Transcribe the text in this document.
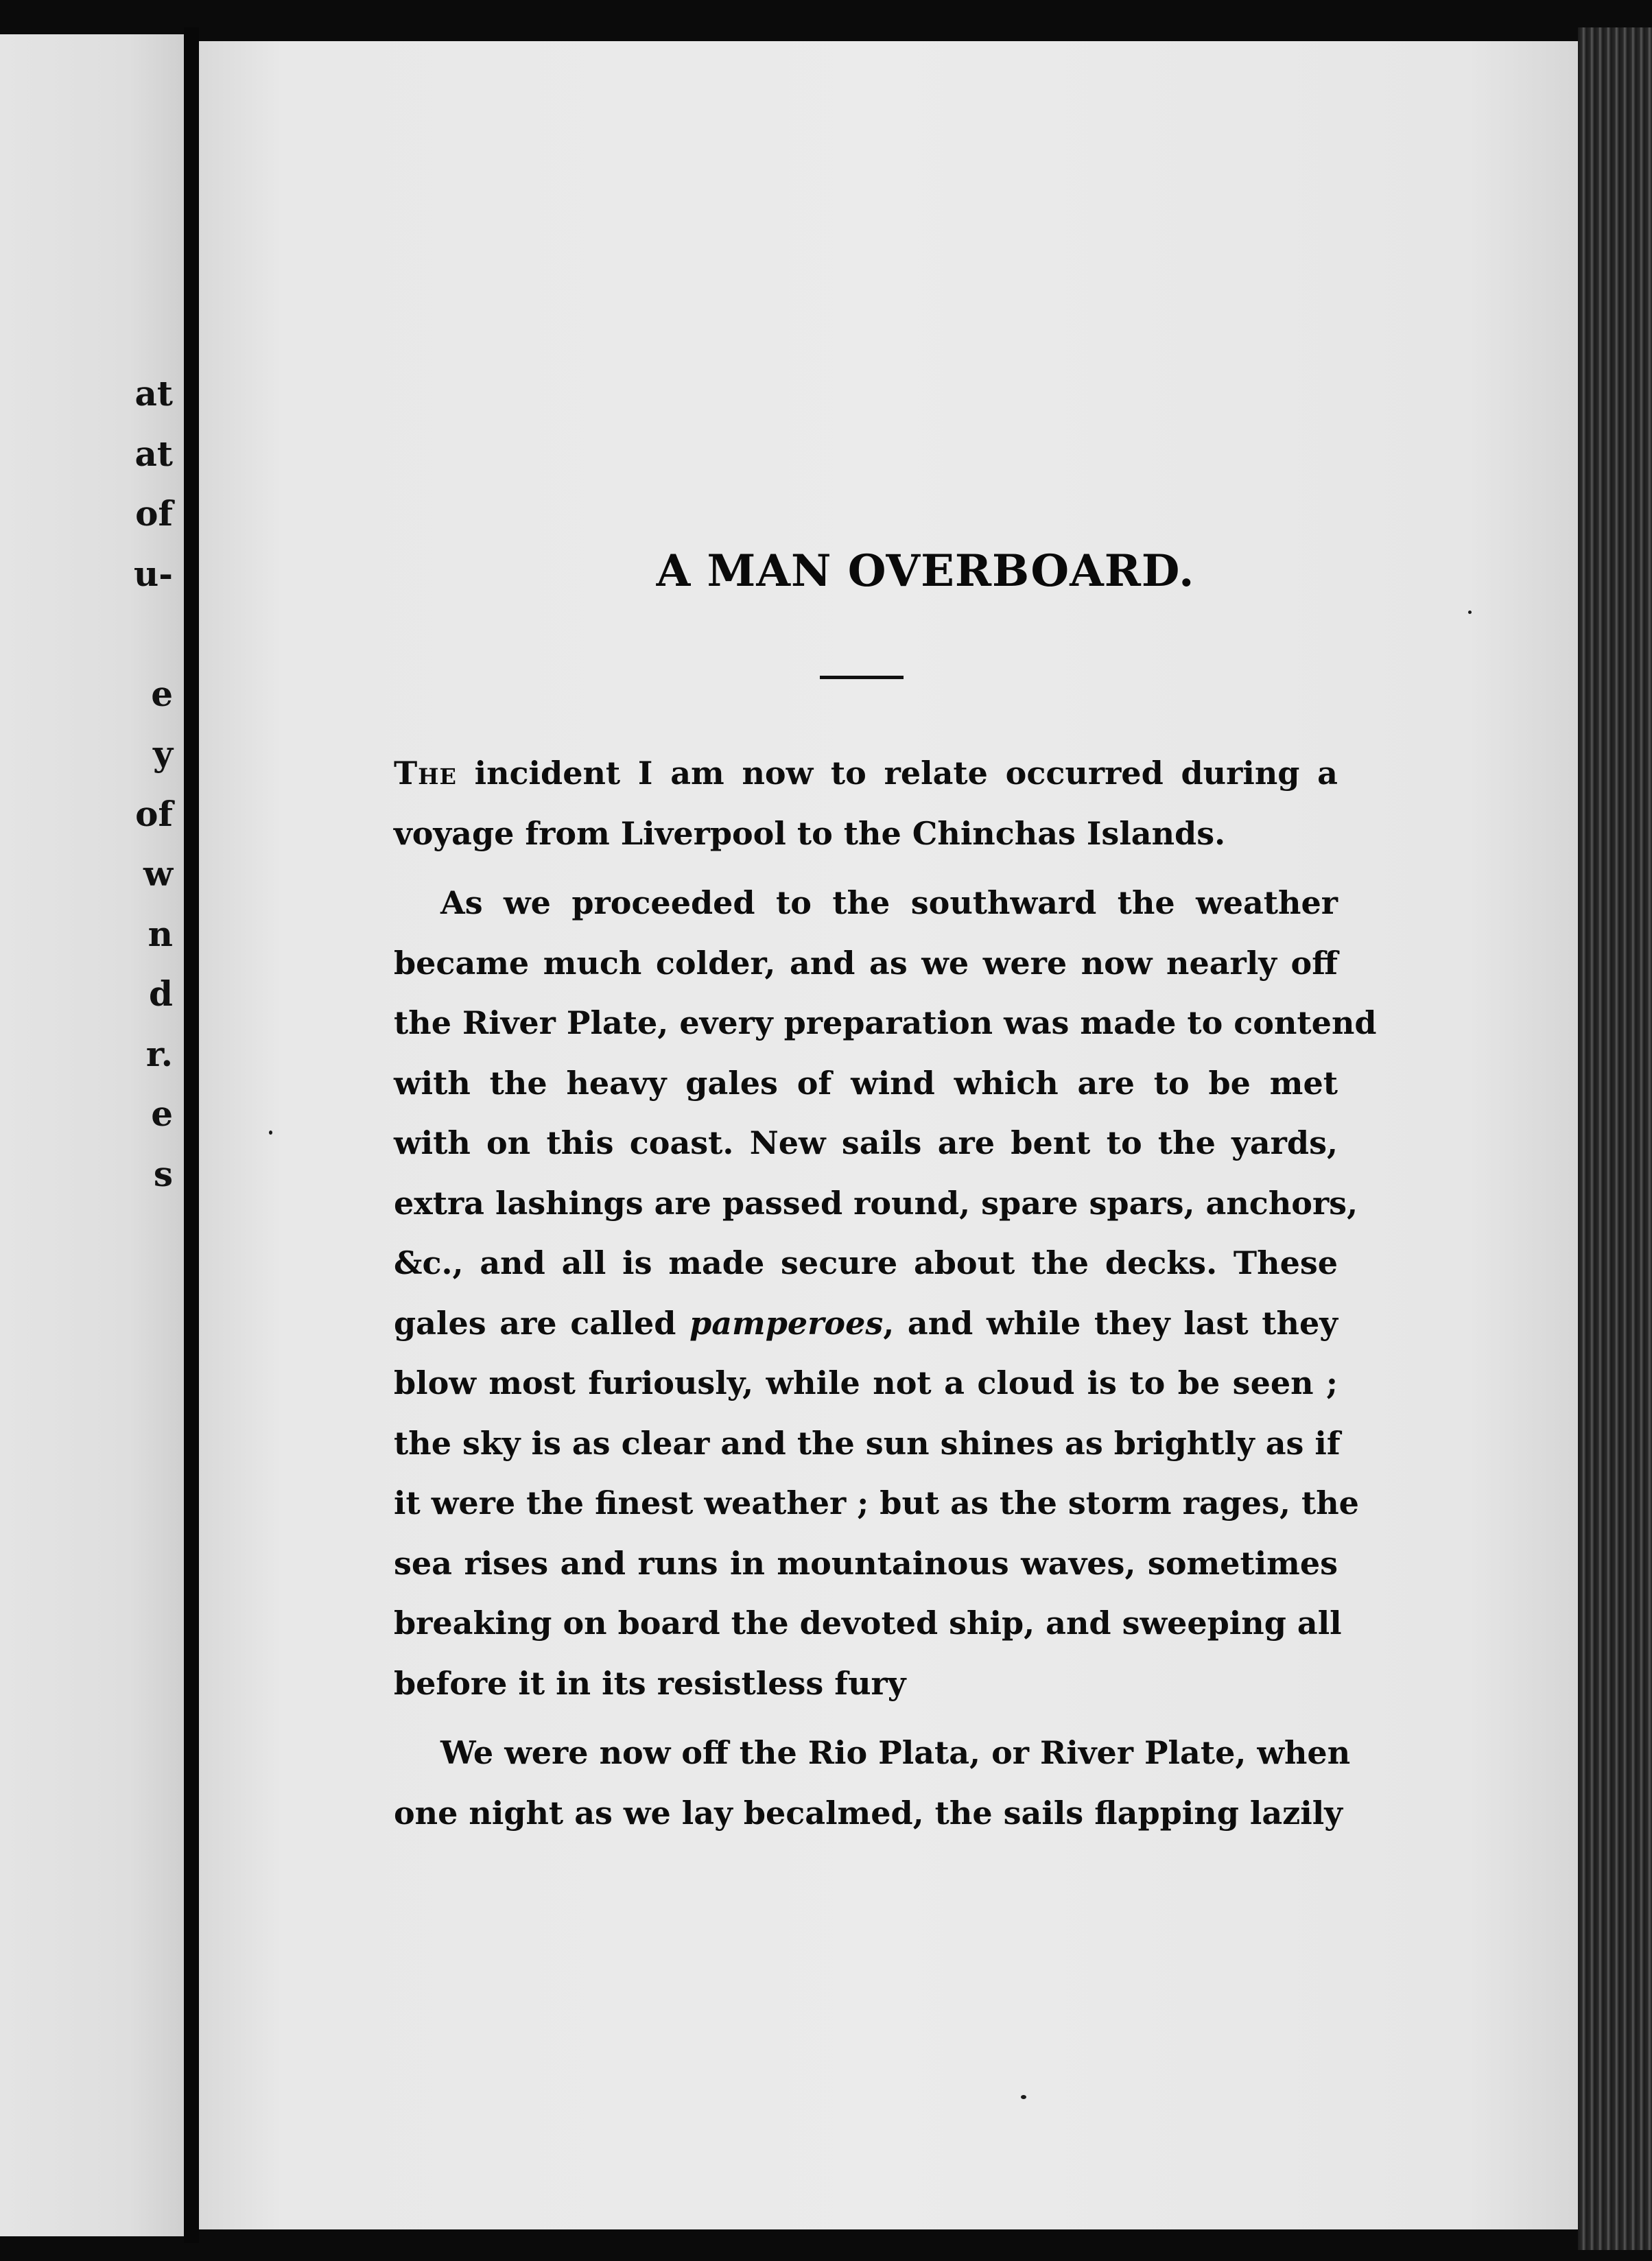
at
at
of
u-
e
y
of
w
n
d
r.
e
s
A MAN OVERBOARD.
The incident I am now to relate occurred during a
voyage from Liverpool to the Chinchas Islands.
As we proceeded to the southward the weather
became much colder, and as we were now nearly off
the River Plate, every preparation was made to contend
with the heavy gales of wind which are to be met
with on this coast. New sails are bent to the yards,
extra lashings are passed round, spare spars, anchors,
&c., and all is made secure about the decks. These
gales are called pamperoes, and while they last they
blow most furiously, while not a cloud is to be seen ;
the sky is as clear and the sun shines as brightly as if
it were the finest weather ; but as the storm rages, the
sea rises and runs in mountainous waves, sometimes
breaking on board the devoted ship, and sweeping all
before it in its resistless fury
We were now off the Rio Plata, or River Plate, when
one night as we lay becalmed, the sails flapping lazily
